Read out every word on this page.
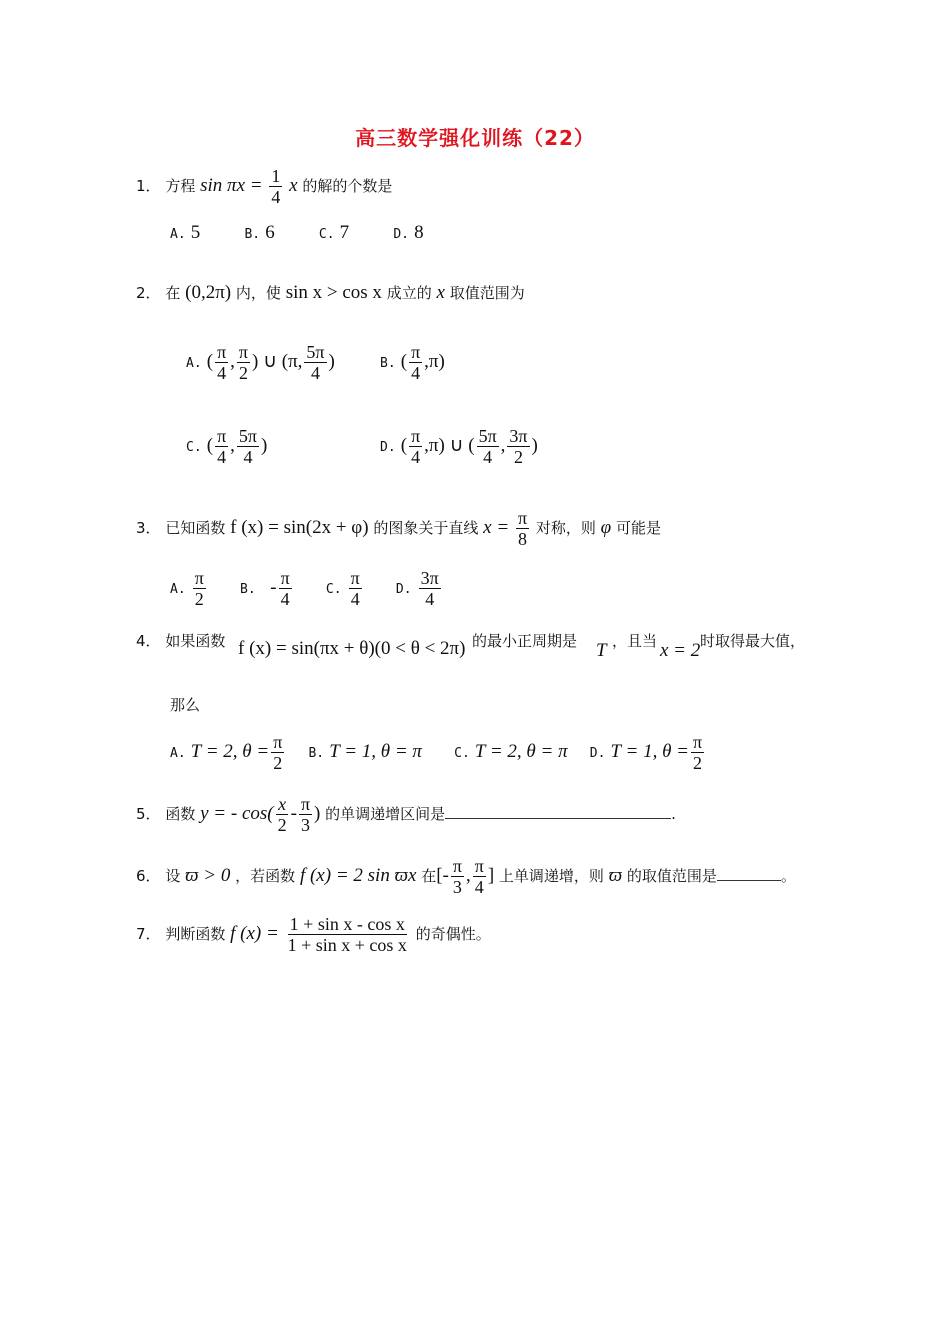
高三数学强化训练（22）
1． 方程 $\sin \pi x = \frac{1}{4}$ x 的解的个数是
A. 5	B. 6	C. 7	D. 8
2． 在 (0,2π) 内，使 sin x > cos x 成立的 x 取值范围为
A. ( $\frac{\pi}{4}$ , $\frac{\pi}{2}$ ) ∪ (π, $\frac{5\pi}{4}$ )	B. ( $\frac{\pi}{4} ,\pi$)
C. ( $\frac{\pi}{4}$ , $\frac{5\pi}{4}$ )	D. ( $\frac{\pi}{4} ,\pi$) ∪ ( $\frac{5\pi}{4}$ , $\frac{3\pi}{2}$ )
3． 已知函数 f (x) = sin(2x + φ) 的图象关于直线 $x = \frac{\pi}{8}$ 对称，则 φ 可能是
A. $\frac{\pi}{2}$	B.   - $\frac{\pi}{4}$	C. $\frac{\pi}{4}$	D. $\frac{3\pi}{4}$
4． 如果函数 f (x) = sin(πx + θ)(0 < θ < 2π) 的最小正周期是 T ，且当 x = 2 时取得最大值，
那么
A. T = 2, $\theta = \frac{\pi}{2} B$. T = 1, θ = π C. T = 2, θ = π D. T = 1, $\theta = \frac{\pi}{2}$
5． 函数 y = - $\cos( \frac{x}{2} - \frac{\pi}{3}$ ) 的单调递增区间是	.
6． 设 ϖ > 0 ，若函数 f (x) = 2 sin ϖx 在[- $\frac{\pi}{3}$ , $\frac{\pi}{4}$ ] 上单调递增，则 ϖ 的取值范围是	。
7． 判断函数 f $(x) = \frac{\text{1 + sin x - cos x}}{\text{1 + sin x + cos x}}$ 的奇偶性。
